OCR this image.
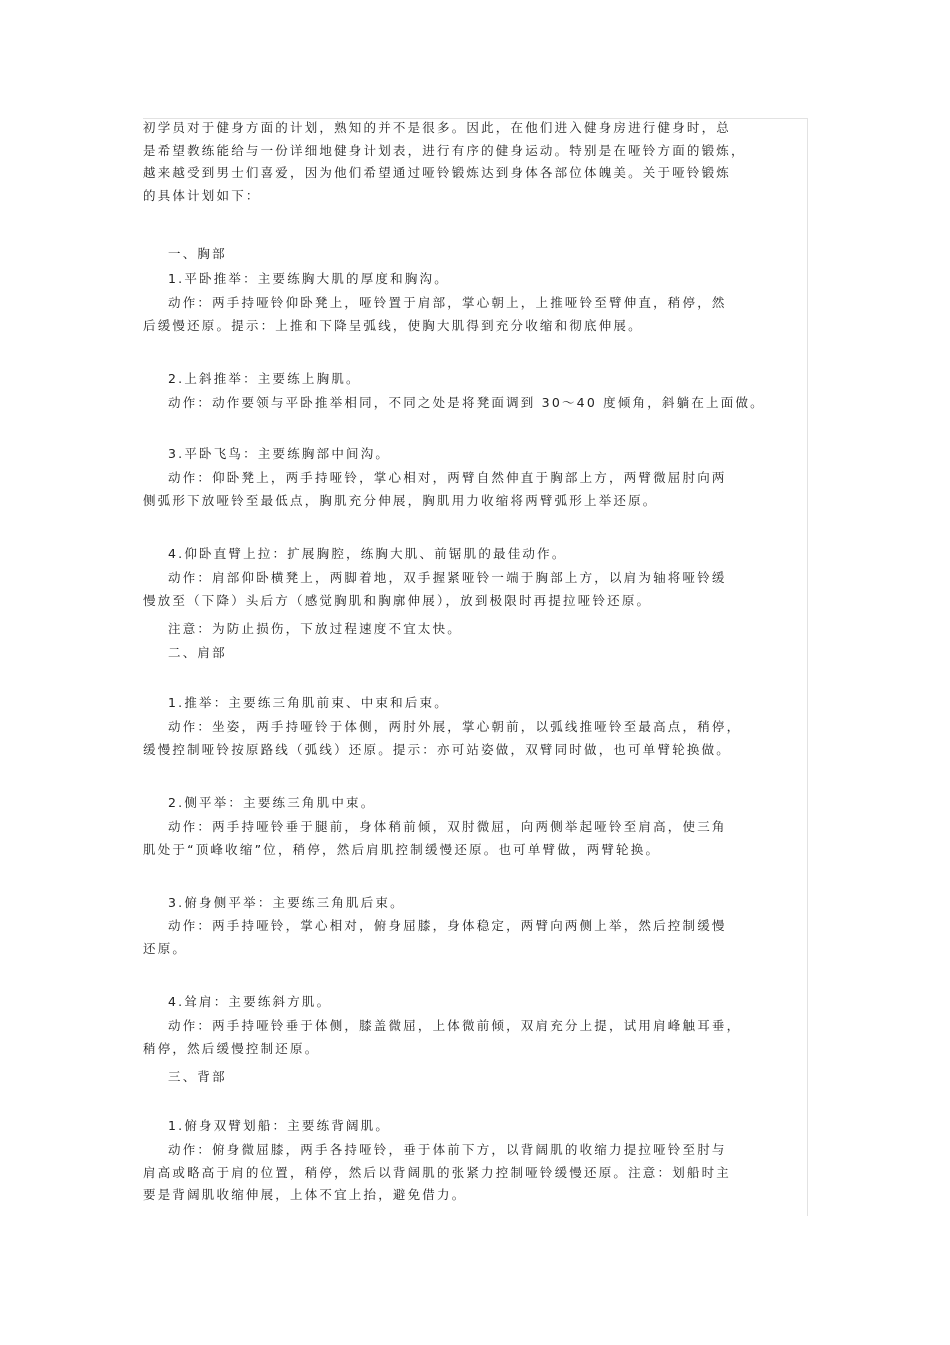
初学员对于健身方面的计划，熟知的并不是很多。因此，在他们进入健身房进行健身时，总
是希望教练能给与一份详细地健身计划表，进行有序的健身运动。特别是在哑铃方面的锻炼，
越来越受到男士们喜爱，因为他们希望通过哑铃锻炼达到身体各部位体魄美。关于哑铃锻炼
的具体计划如下：
一、胸部
1.平卧推举：主要练胸大肌的厚度和胸沟。
动作：两手持哑铃仰卧凳上，哑铃置于肩部，掌心朝上，上推哑铃至臂伸直，稍停，然
后缓慢还原。提示：上推和下降呈弧线，使胸大肌得到充分收缩和彻底伸展。
2.上斜推举：主要练上胸肌。
动作：动作要领与平卧推举相同，不同之处是将凳面调到 30～40 度倾角，斜躺在上面做。
3.平卧飞鸟：主要练胸部中间沟。
动作：仰卧凳上，两手持哑铃，掌心相对，两臂自然伸直于胸部上方，两臂微屈肘向两
侧弧形下放哑铃至最低点，胸肌充分伸展，胸肌用力收缩将两臂弧形上举还原。
4.仰卧直臂上拉：扩展胸腔，练胸大肌、前锯肌的最佳动作。
动作：肩部仰卧横凳上，两脚着地，双手握紧哑铃一端于胸部上方，以肩为轴将哑铃缓
慢放至（下降）头后方（感觉胸肌和胸廓伸展），放到极限时再提拉哑铃还原。
注意：为防止损伤，下放过程速度不宜太快。
二、肩部
1.推举：主要练三角肌前束、中束和后束。
动作：坐姿，两手持哑铃于体侧，两肘外展，掌心朝前，以弧线推哑铃至最高点，稍停，
缓慢控制哑铃按原路线（弧线）还原。提示：亦可站姿做，双臂同时做，也可单臂轮换做。
2.侧平举：主要练三角肌中束。
动作：两手持哑铃垂于腿前，身体稍前倾，双肘微屈，向两侧举起哑铃至肩高，使三角
肌处于“顶峰收缩”位，稍停，然后肩肌控制缓慢还原。也可单臂做，两臂轮换。
3.俯身侧平举：主要练三角肌后束。
动作：两手持哑铃，掌心相对，俯身屈膝，身体稳定，两臂向两侧上举，然后控制缓慢
还原。
4.耸肩：主要练斜方肌。
动作：两手持哑铃垂于体侧，膝盖微屈，上体微前倾，双肩充分上提，试用肩峰触耳垂，
稍停，然后缓慢控制还原。
三、背部
1.俯身双臂划船：主要练背阔肌。
动作：俯身微屈膝，两手各持哑铃，垂于体前下方，以背阔肌的收缩力提拉哑铃至肘与
肩高或略高于肩的位置，稍停，然后以背阔肌的张紧力控制哑铃缓慢还原。注意：划船时主
要是背阔肌收缩伸展，上体不宜上抬，避免借力。
